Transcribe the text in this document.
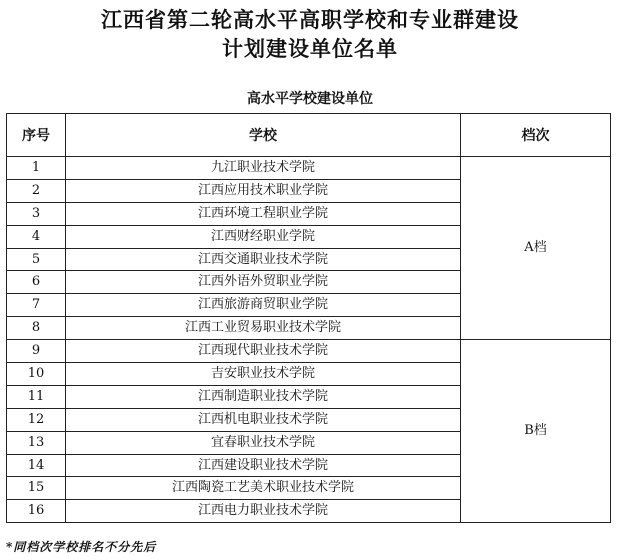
江西省第二轮高水平高职学校和专业群建设
计划建设单位名单
高水平学校建设单位
序号	学校	档次
1	九江职业技术学院	A档
2	江西应用技术职业学院	
3	江西环境工程职业学院	
4	江西财经职业学院	
5	江西交通职业技术学院	
6	江西外语外贸职业学院	
7	江西旅游商贸职业学院	
8	江西工业贸易职业技术学院	
9	江西现代职业技术学院	B档
10	吉安职业技术学院	
11	江西制造职业技术学院	
12	江西机电职业技术学院	
13	宜春职业技术学院	
14	江西建设职业技术学院	
15	江西陶瓷工艺美术职业技术学院	
16	江西电力职业技术学院	
*同档次学校排名不分先后
